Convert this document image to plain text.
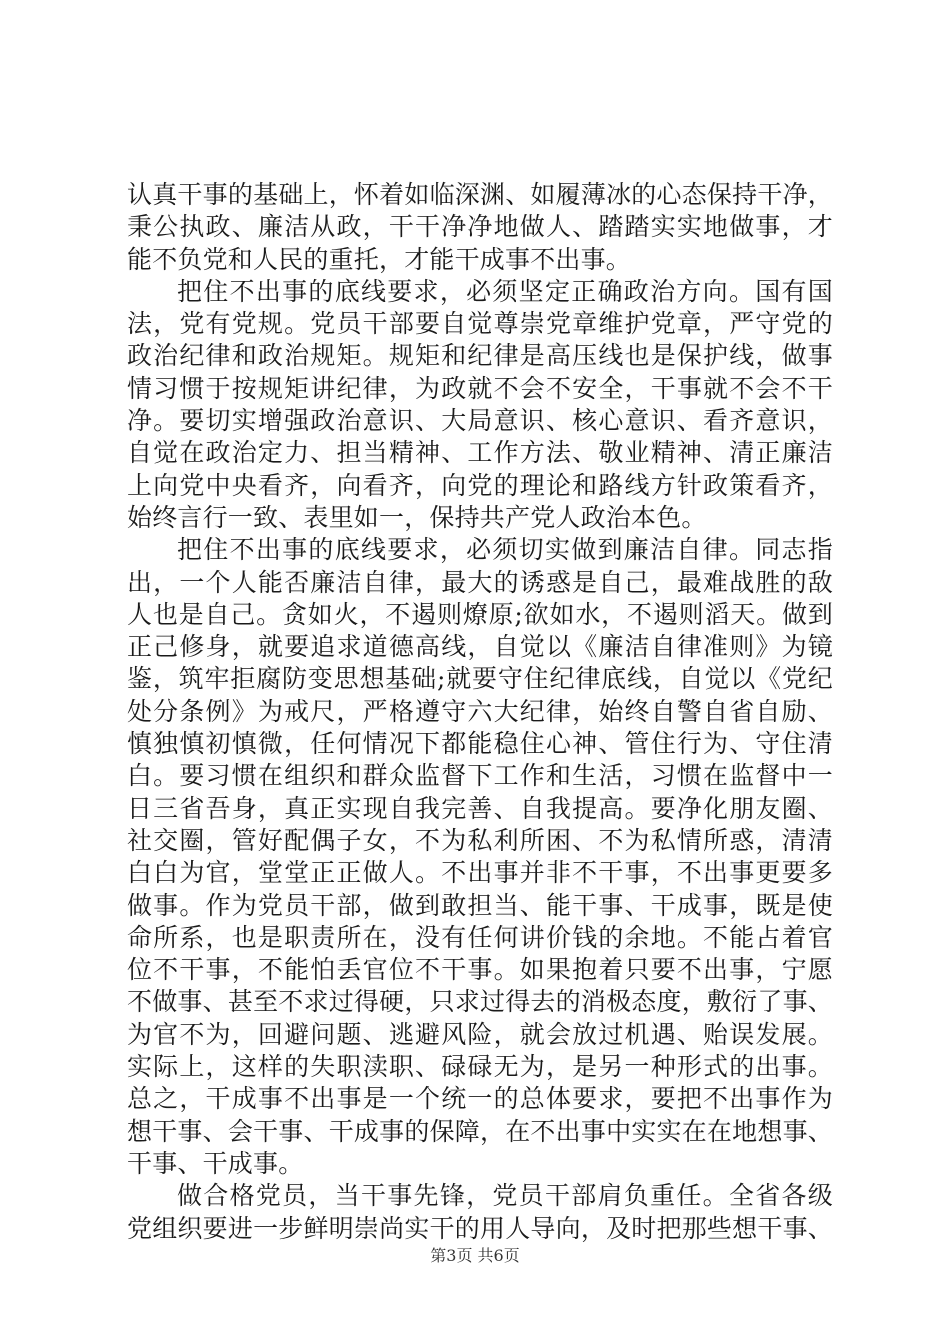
认真干事的基础上，怀着如临深渊、如履薄冰的心态保持干净，
秉公执政、廉洁从政，干干净净地做人、踏踏实实地做事，才
能不负党和人民的重托，才能干成事不出事。
把住不出事的底线要求，必须坚定正确政治方向。国有国
法，党有党规。党员干部要自觉尊崇党章维护党章，严守党的
政治纪律和政治规矩。规矩和纪律是高压线也是保护线，做事
情习惯于按规矩讲纪律，为政就不会不安全，干事就不会不干
净。要切实增强政治意识、大局意识、核心意识、看齐意识，
自觉在政治定力、担当精神、工作方法、敬业精神、清正廉洁
上向党中央看齐，向看齐，向党的理论和路线方针政策看齐，
始终言行一致、表里如一，保持共产党人政治本色。
把住不出事的底线要求，必须切实做到廉洁自律。同志指
出，一个人能否廉洁自律，最大的诱惑是自己，最难战胜的敌
人也是自己。贪如火，不遏则燎原;欲如水，不遏则滔天。做到
正己修身，就要追求道德高线，自觉以《廉洁自律准则》为镜
鉴，筑牢拒腐防变思想基础;就要守住纪律底线，自觉以《党纪
处分条例》为戒尺，严格遵守六大纪律，始终自警自省自励、
慎独慎初慎微，任何情况下都能稳住心神、管住行为、守住清
白。要习惯在组织和群众监督下工作和生活，习惯在监督中一
日三省吾身，真正实现自我完善、自我提高。要净化朋友圈、
社交圈，管好配偶子女，不为私利所困、不为私情所惑，清清
白白为官，堂堂正正做人。不出事并非不干事，不出事更要多
做事。作为党员干部，做到敢担当、能干事、干成事，既是使
命所系，也是职责所在，没有任何讲价钱的余地。不能占着官
位不干事，不能怕丢官位不干事。如果抱着只要不出事，宁愿
不做事、甚至不求过得硬，只求过得去的消极态度，敷衍了事、
为官不为，回避问题、逃避风险，就会放过机遇、贻误发展。
实际上，这样的失职渎职、碌碌无为，是另一种形式的出事。
总之，干成事不出事是一个统一的总体要求，要把不出事作为
想干事、会干事、干成事的保障，在不出事中实实在在地想事、
干事、干成事。
做合格党员，当干事先锋，党员干部肩负重任。全省各级
党组织要进一步鲜明崇尚实干的用人导向，及时把那些想干事、
第3页 共6页
